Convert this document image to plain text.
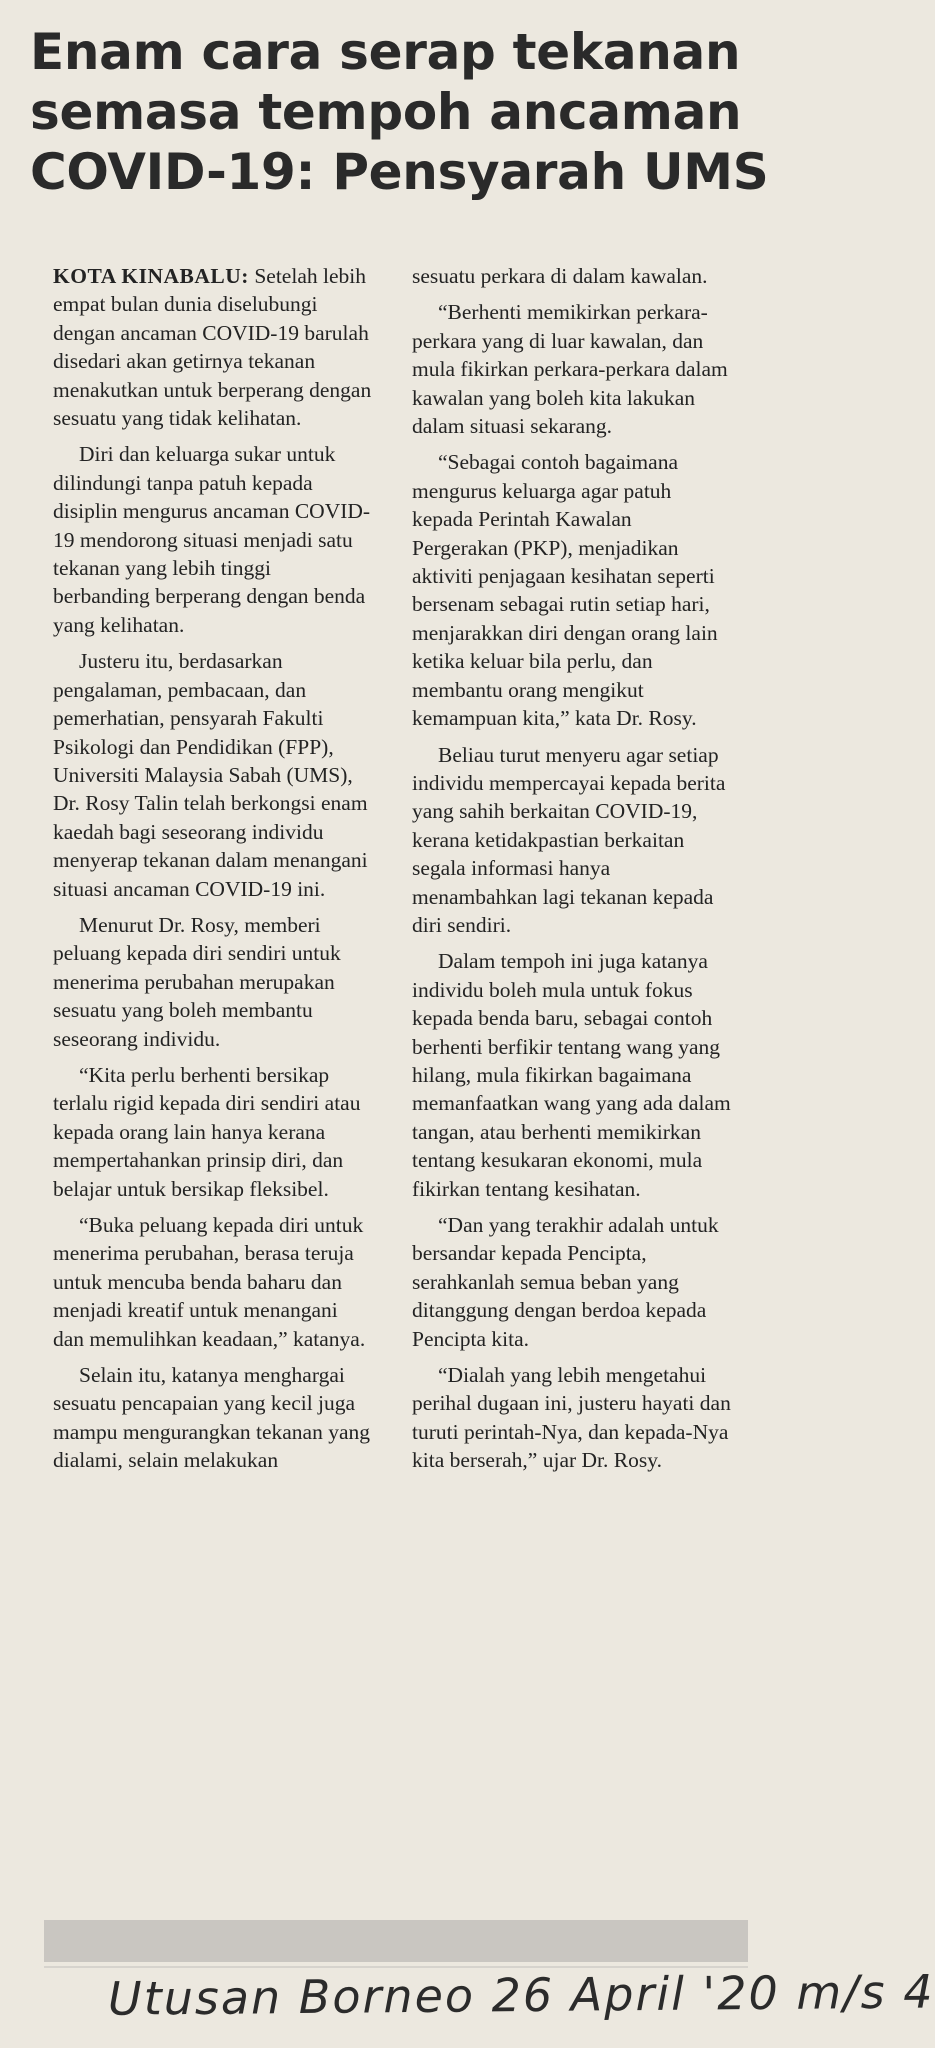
Enam cara serap tekanan
semasa tempoh ancaman
COVID-19: Pensyarah UMS

KOTA KINABALU: Setelah lebih empat bulan dunia diselubungi dengan ancaman COVID-19 barulah disedari akan getirnya tekanan menakutkan untuk berperang dengan sesuatu yang tidak kelihatan.

Diri dan keluarga sukar untuk dilindungi tanpa patuh kepada disiplin mengurus ancaman COVID-19 mendorong situasi menjadi satu tekanan yang lebih tinggi berbanding berperang dengan benda yang kelihatan.

Justeru itu, berdasarkan pengalaman, pembacaan, dan pemerhatian, pensyarah Fakulti Psikologi dan Pendidikan (FPP), Universiti Malaysia Sabah (UMS), Dr. Rosy Talin telah berkongsi enam kaedah bagi seseorang individu menyerap tekanan dalam menangani situasi ancaman COVID-19 ini.

Menurut Dr. Rosy, memberi peluang kepada diri sendiri untuk menerima perubahan merupakan sesuatu yang boleh membantu seseorang individu.

“Kita perlu berhenti bersikap terlalu rigid kepada diri sendiri atau kepada orang lain hanya kerana mempertahankan prinsip diri, dan belajar untuk bersikap fleksibel.

“Buka peluang kepada diri untuk menerima perubahan, berasa teruja untuk mencuba benda baharu dan menjadi kreatif untuk menangani dan memulihkan keadaan,” katanya.

Selain itu, katanya menghargai sesuatu pencapaian yang kecil juga mampu mengurangkan tekanan yang dialami, selain melakukan

sesuatu perkara di dalam kawalan.

“Berhenti memikirkan perkara-perkara yang di luar kawalan, dan mula fikirkan perkara-perkara dalam kawalan yang boleh kita lakukan dalam situasi sekarang.

“Sebagai contoh bagaimana mengurus keluarga agar patuh kepada Perintah Kawalan Pergerakan (PKP), menjadikan aktiviti penjagaan kesihatan seperti bersenam sebagai rutin setiap hari, menjarakkan diri dengan orang lain ketika keluar bila perlu, dan membantu orang mengikut kemampuan kita,” kata Dr. Rosy.

Beliau turut menyeru agar setiap individu mempercayai kepada berita yang sahih berkaitan COVID-19, kerana ketidakpastian berkaitan segala informasi hanya menambahkan lagi tekanan kepada diri sendiri.

Dalam tempoh ini juga katanya individu boleh mula untuk fokus kepada benda baru, sebagai contoh berhenti berfikir tentang wang yang hilang, mula fikirkan bagaimana memanfaatkan wang yang ada dalam tangan, atau berhenti memikirkan tentang kesukaran ekonomi, mula fikirkan tentang kesihatan.

“Dan yang terakhir adalah untuk bersandar kepada Pencipta, serahkanlah semua beban yang ditanggung dengan berdoa kepada Pencipta kita.

“Dialah yang lebih mengetahui perihal dugaan ini, justeru hayati dan turuti perintah-Nya, dan kepada-Nya kita berserah,” ujar Dr. Rosy.

Utusan Borneo 26 April '20 m/s 4
